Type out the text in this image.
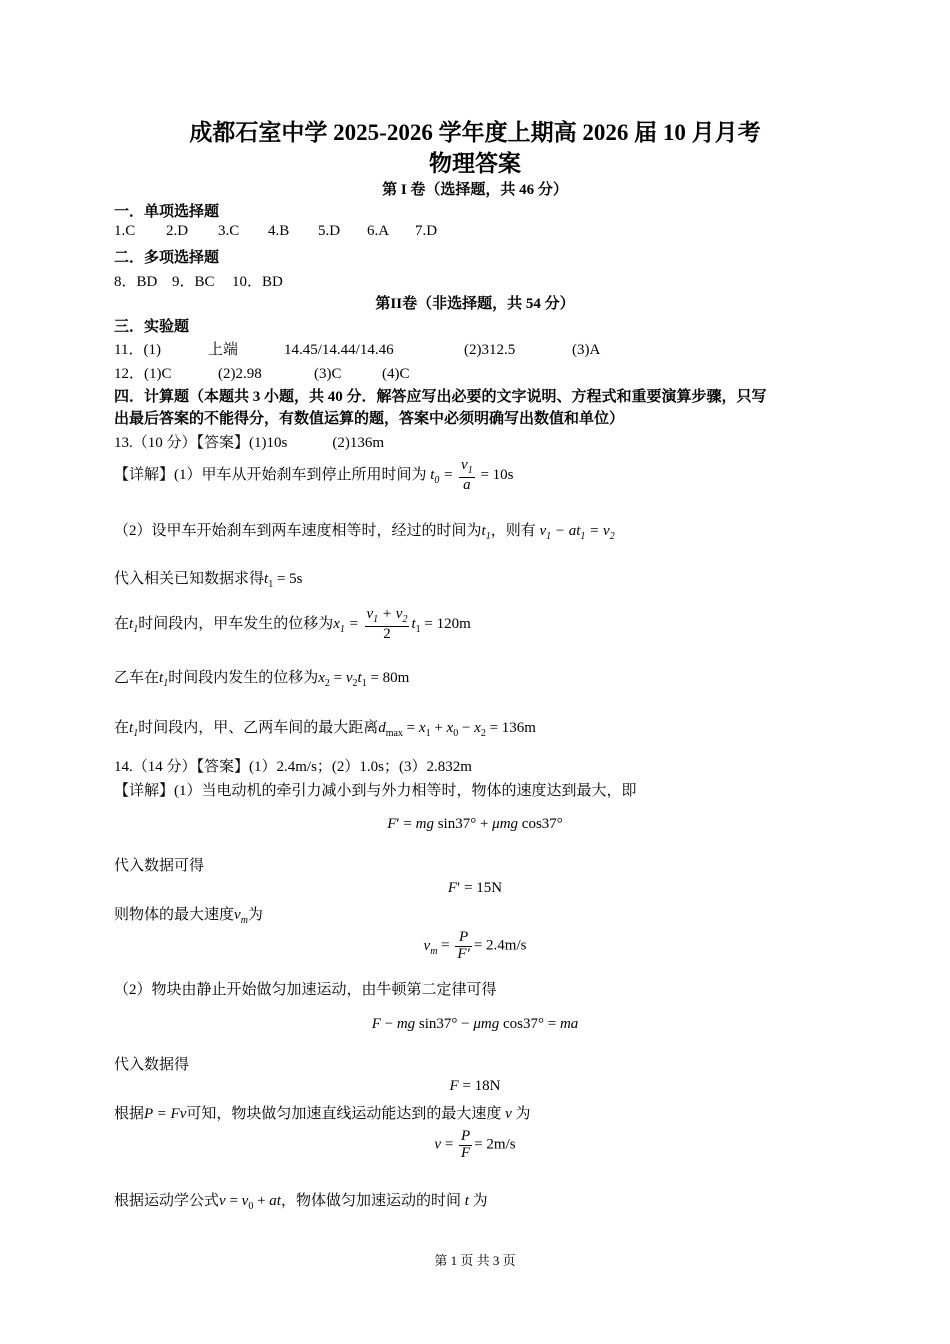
成都石室中学 2025-2026 学年度上期高 2026 届 10 月月考
物理答案
第 I 卷（选择题，共 46 分）
一．单项选择题
1.C 2.D 3.C 4.B 5.D 6.A 7.D
二．多项选择题
8．BD 9．BC 10．BD
第II卷（非选择题，共 54 分）
三．实验题
11．(1)	上端	14.45/14.44/14.46	(2)312.5	(3)A
12．(1)C	(2)2.98	(3)C	(4)C
四．计算题（本题共 3 小题，共 40 分．解答应写出必要的文字说明、方程式和重要演算步骤，只写
出最后答案的不能得分，有数值运算的题，答案中必须明确写出数值和单位）
13.（10 分）【答案】(1)10s　　　(2)136m
【详解】(1）甲车从开始刹车到停止所用时间为 $t_0 = \frac{v_1}{a} = 10s$
（2）设甲车开始刹车到两车速度相等时，经过的时间为$t_1$，则有 $v_1 - at_1 = v_2$
代入相关已知数据求得$t_1 = 5s$
在$t_1$时间段内，甲车发生的位移为$x_1 = \frac{v_1 + v_2}{2} t_1 = 120m$
乙车在$t_1$时间段内发生的位移为$x_2 = v_2t_1 = 80m$
在$t_1$时间段内，甲、乙两车间的最大距离$d_{max} = x_1 + x_0 - x_2 = 136m$
14.（14 分）【答案】(1）2.4m/s；(2）1.0s；(3）2.832m
【详解】(1）当电动机的牵引力减小到与外力相等时，物体的速度达到最大，即
F′ = mg sin37° + μmg cos37°
代入数据可得
F′ = 15N
则物体的最大速度$v_m$为
$v_m = \frac{P}{F'} = 2.4m/s$
（2）物块由静止开始做匀加速运动，由牛顿第二定律可得
F − mg sin37° − μmg cos37° = ma
代入数据得
F = 18N
根据P = Fv可知，物块做匀加速直线运动能达到的最大速度 v 为
$v = \frac{P}{F} = 2m/s$
根据运动学公式$v = v_0$ + at，物体做匀加速运动的时间 t 为
第 1 页 共 3 页
